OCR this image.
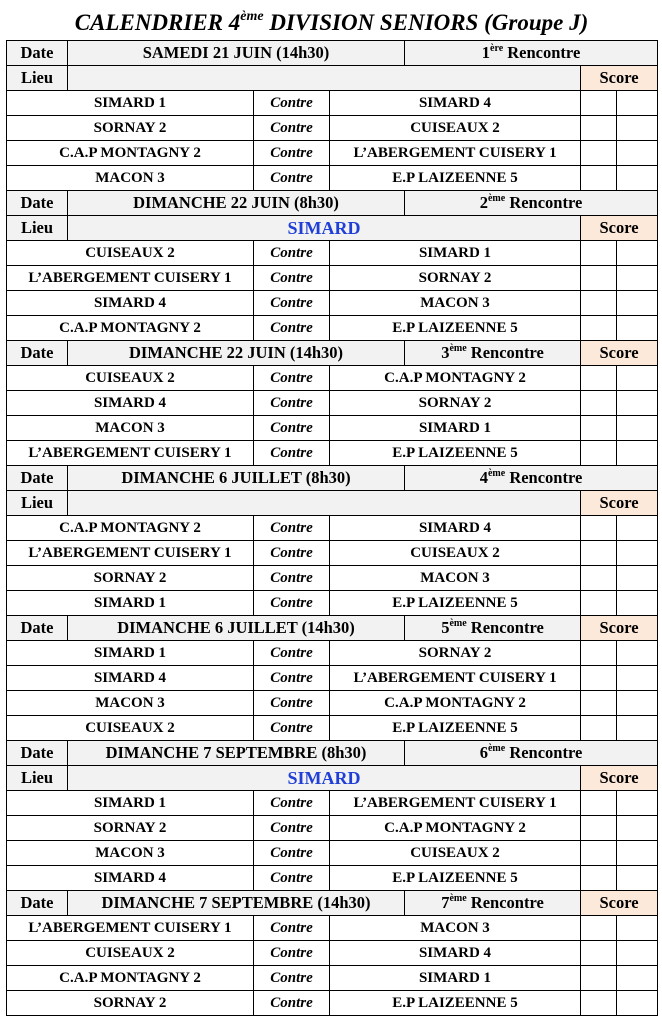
CALENDRIER 4ème DIVISION SENIORS (Groupe J)
Date	SAMEDI 21 JUIN (14h30)			1ère Rencontre		
Lieu					Score	
SIMARD 1		Contre	SIMARD 4			
SORNAY 2		Contre	CUISEAUX 2			
C.A.P MONTAGNY 2		Contre	L’ABERGEMENT CUISERY 1			
MACON 3		Contre	E.P LAIZEENNE 5			
Date	DIMANCHE 22 JUIN (8h30)			2ème Rencontre		
Lieu	SIMARD				Score	
CUISEAUX 2		Contre	SIMARD 1			
L’ABERGEMENT CUISERY 1		Contre	SORNAY 2			
SIMARD 4		Contre	MACON 3			
C.A.P MONTAGNY 2		Contre	E.P LAIZEENNE 5			
Date	DIMANCHE 22 JUIN (14h30)			3ème Rencontre	Score	
CUISEAUX 2		Contre	C.A.P MONTAGNY 2			
SIMARD 4		Contre	SORNAY 2			
MACON 3		Contre	SIMARD 1			
L’ABERGEMENT CUISERY 1		Contre	E.P LAIZEENNE 5			
Date	DIMANCHE 6 JUILLET (8h30)			4ème Rencontre		
Lieu					Score	
C.A.P MONTAGNY 2		Contre	SIMARD 4			
L’ABERGEMENT CUISERY 1		Contre	CUISEAUX 2			
SORNAY 2		Contre	MACON 3			
SIMARD 1		Contre	E.P LAIZEENNE 5			
Date	DIMANCHE 6 JUILLET (14h30)			5ème Rencontre	Score	
SIMARD 1		Contre	SORNAY 2			
SIMARD 4		Contre	L’ABERGEMENT CUISERY 1			
MACON 3		Contre	C.A.P MONTAGNY 2			
CUISEAUX 2		Contre	E.P LAIZEENNE 5			
Date	DIMANCHE 7 SEPTEMBRE (8h30)			6ème Rencontre		
Lieu	SIMARD				Score	
SIMARD 1		Contre	L’ABERGEMENT CUISERY 1			
SORNAY 2		Contre	C.A.P MONTAGNY 2			
MACON 3		Contre	CUISEAUX 2			
SIMARD 4		Contre	E.P LAIZEENNE 5			
Date	DIMANCHE 7 SEPTEMBRE (14h30)			7ème Rencontre	Score	
L’ABERGEMENT CUISERY 1		Contre	MACON 3			
CUISEAUX 2		Contre	SIMARD 4			
C.A.P MONTAGNY 2		Contre	SIMARD 1			
SORNAY 2		Contre	E.P LAIZEENNE 5			
